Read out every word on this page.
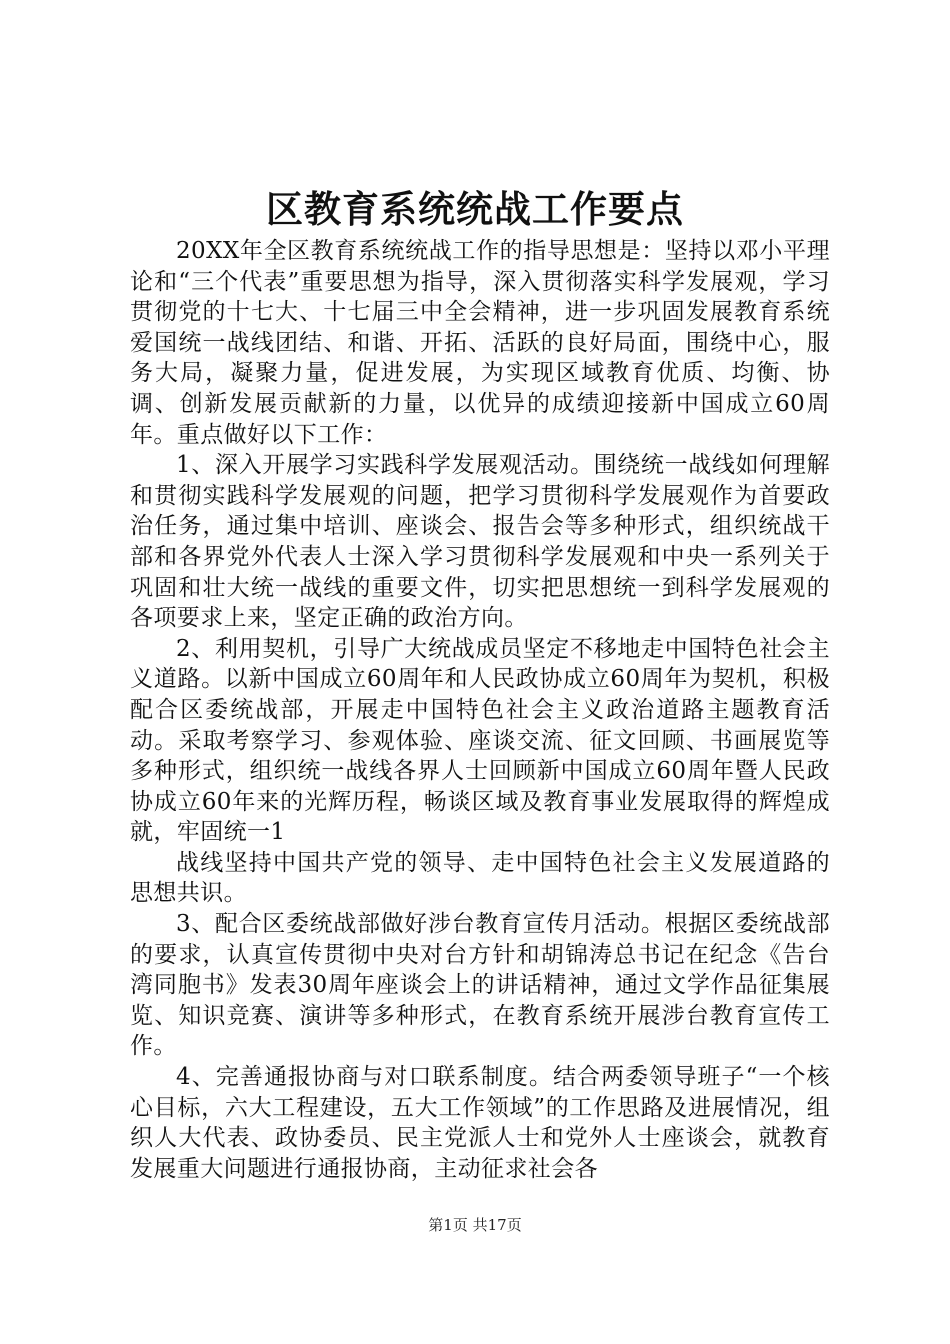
区教育系统统战工作要点

20XX年全区教育系统统战工作的指导思想是：坚持以邓小平理论和“三个代表”重要思想为指导，深入贯彻落实科学发展观，学习贯彻党的十七大、十七届三中全会精神，进一步巩固发展教育系统爱国统一战线团结、和谐、开拓、活跃的良好局面，围绕中心，服务大局，凝聚力量，促进发展，为实现区域教育优质、均衡、协调、创新发展贡献新的力量，以优异的成绩迎接新中国成立60周年。重点做好以下工作：

1、深入开展学习实践科学发展观活动。围绕统一战线如何理解和贯彻实践科学发展观的问题，把学习贯彻科学发展观作为首要政治任务，通过集中培训、座谈会、报告会等多种形式，组织统战干部和各界党外代表人士深入学习贯彻科学发展观和中央一系列关于巩固和壮大统一战线的重要文件，切实把思想统一到科学发展观的各项要求上来，坚定正确的政治方向。

2、利用契机，引导广大统战成员坚定不移地走中国特色社会主义道路。以新中国成立60周年和人民政协成立60周年为契机，积极配合区委统战部，开展走中国特色社会主义政治道路主题教育活动。采取考察学习、参观体验、座谈交流、征文回顾、书画展览等多种形式，组织统一战线各界人士回顾新中国成立60周年暨人民政协成立60年来的光辉历程，畅谈区域及教育事业发展取得的辉煌成就，牢固统一1

战线坚持中国共产党的领导、走中国特色社会主义发展道路的思想共识。

3、配合区委统战部做好涉台教育宣传月活动。根据区委统战部的要求，认真宣传贯彻中央对台方针和胡锦涛总书记在纪念《告台湾同胞书》发表30周年座谈会上的讲话精神，通过文学作品征集展览、知识竞赛、演讲等多种形式，在教育系统开展涉台教育宣传工作。

4、完善通报协商与对口联系制度。结合两委领导班子“一个核心目标，六大工程建设，五大工作领域”的工作思路及进展情况，组织人大代表、政协委员、民主党派人士和党外人士座谈会，就教育发展重大问题进行通报协商，主动征求社会各

第1页 共17页
